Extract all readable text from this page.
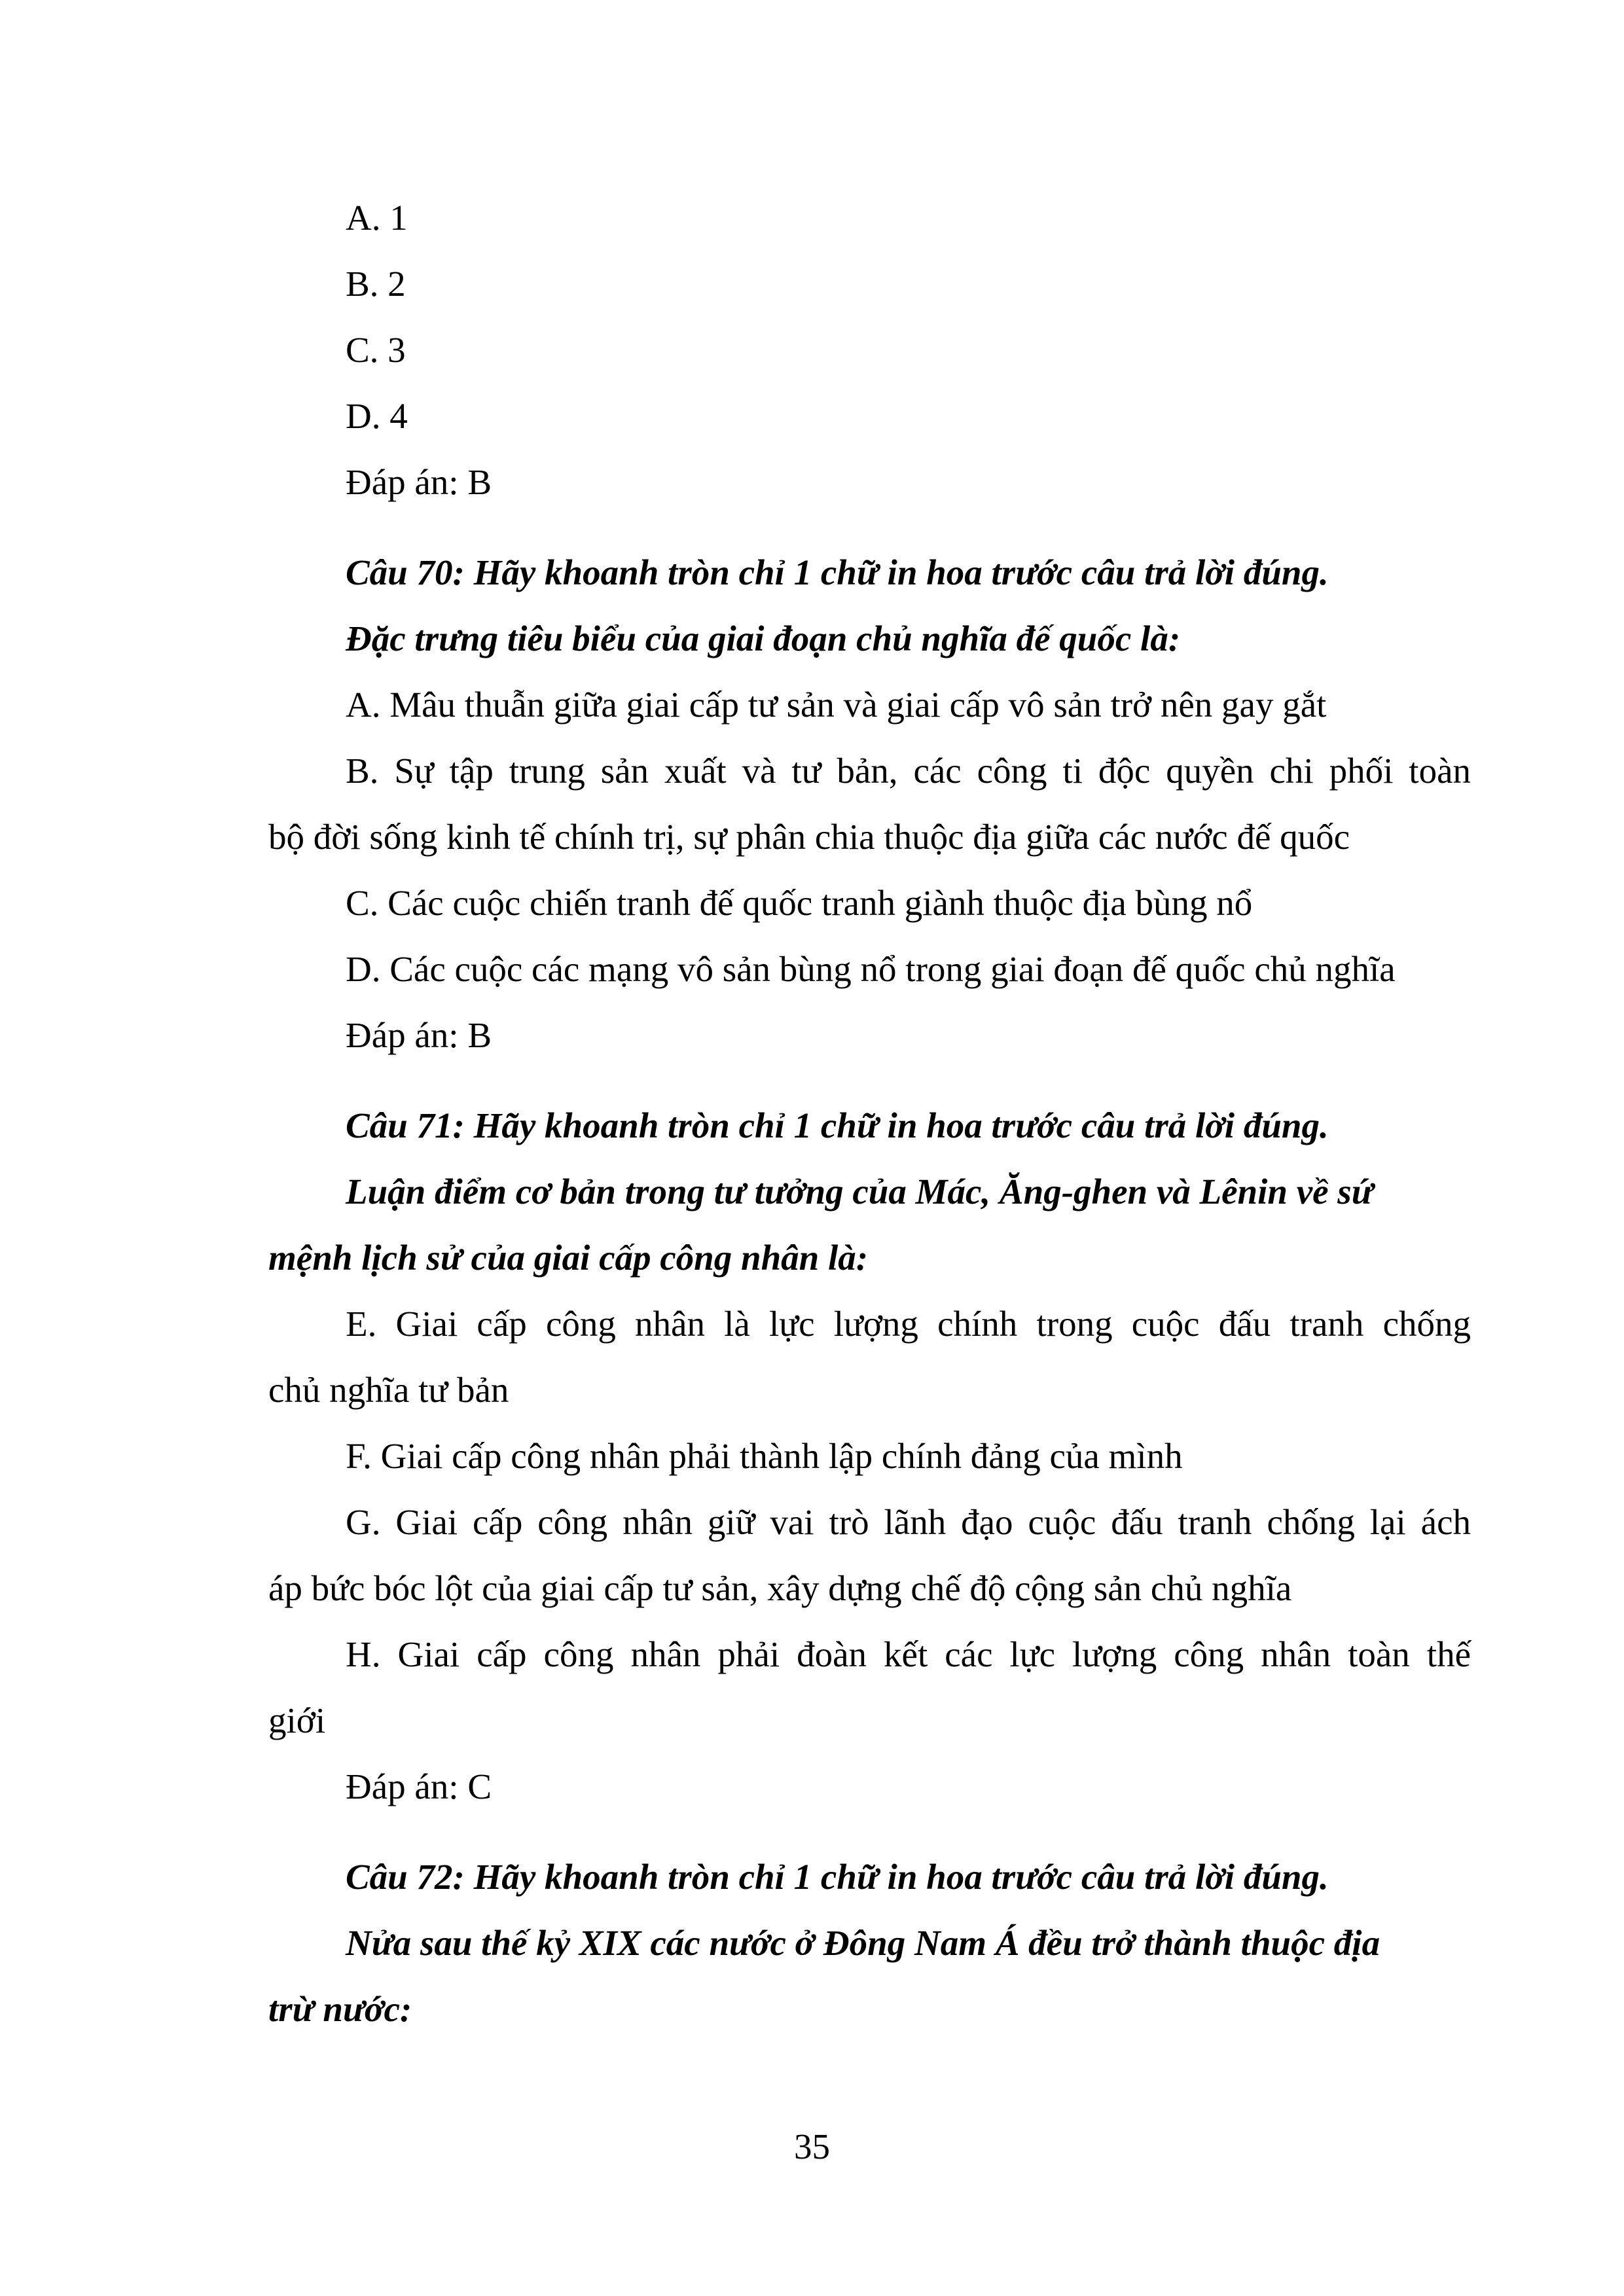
A. 1
B. 2
C. 3
D. 4
Đáp án: B
Câu 70: Hãy khoanh tròn chỉ 1 chữ in hoa trước câu trả lời đúng.
Đặc trưng tiêu biểu của giai đoạn chủ nghĩa đế quốc là:
A. Mâu thuẫn giữa giai cấp tư sản và giai cấp vô sản trở nên gay gắt
B. Sự tập trung sản xuất và tư bản, các công ti độc quyền chi phối toàn
bộ đời sống kinh tế chính trị, sự phân chia thuộc địa giữa các nước đế quốc
C. Các cuộc chiến tranh đế quốc tranh giành thuộc địa bùng nổ
D. Các cuộc các mạng vô sản bùng nổ trong giai đoạn đế quốc chủ nghĩa
Đáp án: B
Câu 71: Hãy khoanh tròn chỉ 1 chữ in hoa trước câu trả lời đúng.
Luận điểm cơ bản trong tư tưởng của Mác, Ăng-ghen và Lênin về sứ
mệnh lịch sử của giai cấp công nhân là:
E. Giai cấp công nhân là lực lượng chính trong cuộc đấu tranh chống
chủ nghĩa tư bản
F. Giai cấp công nhân phải thành lập chính đảng của mình
G. Giai cấp công nhân giữ vai trò lãnh đạo cuộc đấu tranh chống lại ách
áp bức bóc lột của giai cấp tư sản, xây dựng chế độ cộng sản chủ nghĩa
H. Giai cấp công nhân phải đoàn kết các lực lượng công nhân toàn thế
giới
Đáp án: C
Câu 72: Hãy khoanh tròn chỉ 1 chữ in hoa trước câu trả lời đúng.
Nửa sau thế kỷ XIX các nước ở Đông Nam Á đều trở thành thuộc địa
trừ nước:
35
